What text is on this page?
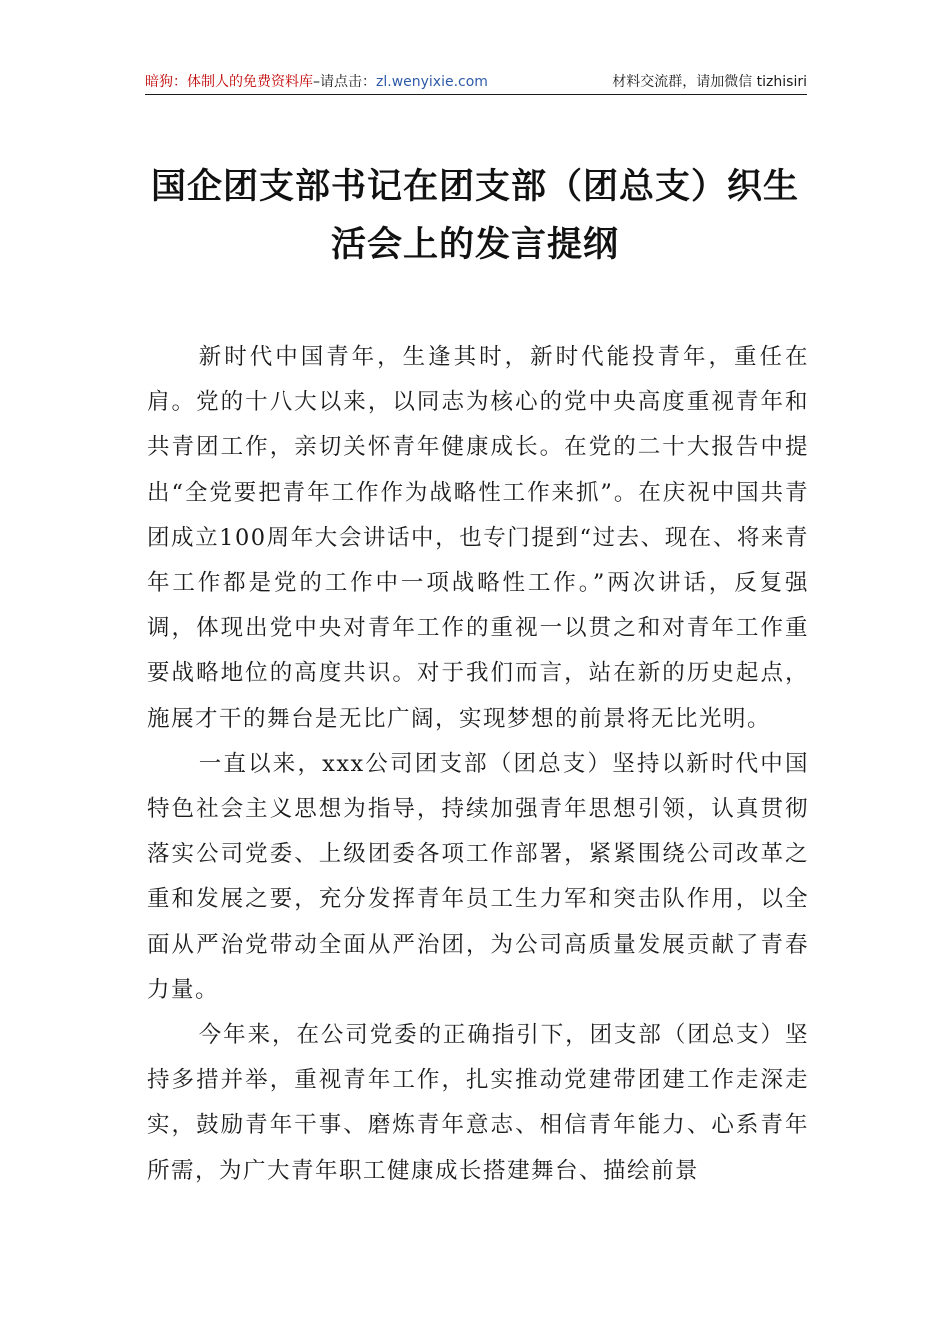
暗狗：体制人的免费资料库 –请点击： zl.wenyixie.com	材料交流群，请加微信 tizhisiri
国企团支部书记在团支部（团总支）织生
活会上的发言提纲

新时代中国青年，生逢其时，新时代能投青年，重任在肩。党的十八大以来，以同志为核心的党中央高度重视青年和共青团工作，亲切关怀青年健康成长。在党的二十大报告中提出“全党要把青年工作作为战略性工作来抓”。在庆祝中国共青团成立100周年大会讲话中，也专门提到“过去、现在、将来青年工作都是党的工作中一项战略性工作。”两次讲话，反复强调，体现出党中央对青年工作的重视一以贯之和对青年工作重要战略地位的高度共识。对于我们而言，站在新的历史起点，施展才干的舞台是无比广阔，实现梦想的前景将无比光明。

一直以来，xxx公司团支部（团总支）坚持以新时代中国特色社会主义思想为指导，持续加强青年思想引领，认真贯彻落实公司党委、上级团委各项工作部署，紧紧围绕公司改革之重和发展之要，充分发挥青年员工生力军和突击队作用，以全面从严治党带动全面从严治团，为公司高质量发展贡献了青春力量。

今年来，在公司党委的正确指引下，团支部（团总支）坚持多措并举，重视青年工作，扎实推动党建带团建工作走深走实，鼓励青年干事、磨炼青年意志、相信青年能力、心系青年所需，为广大青年职工健康成长搭建舞台、描绘前景
